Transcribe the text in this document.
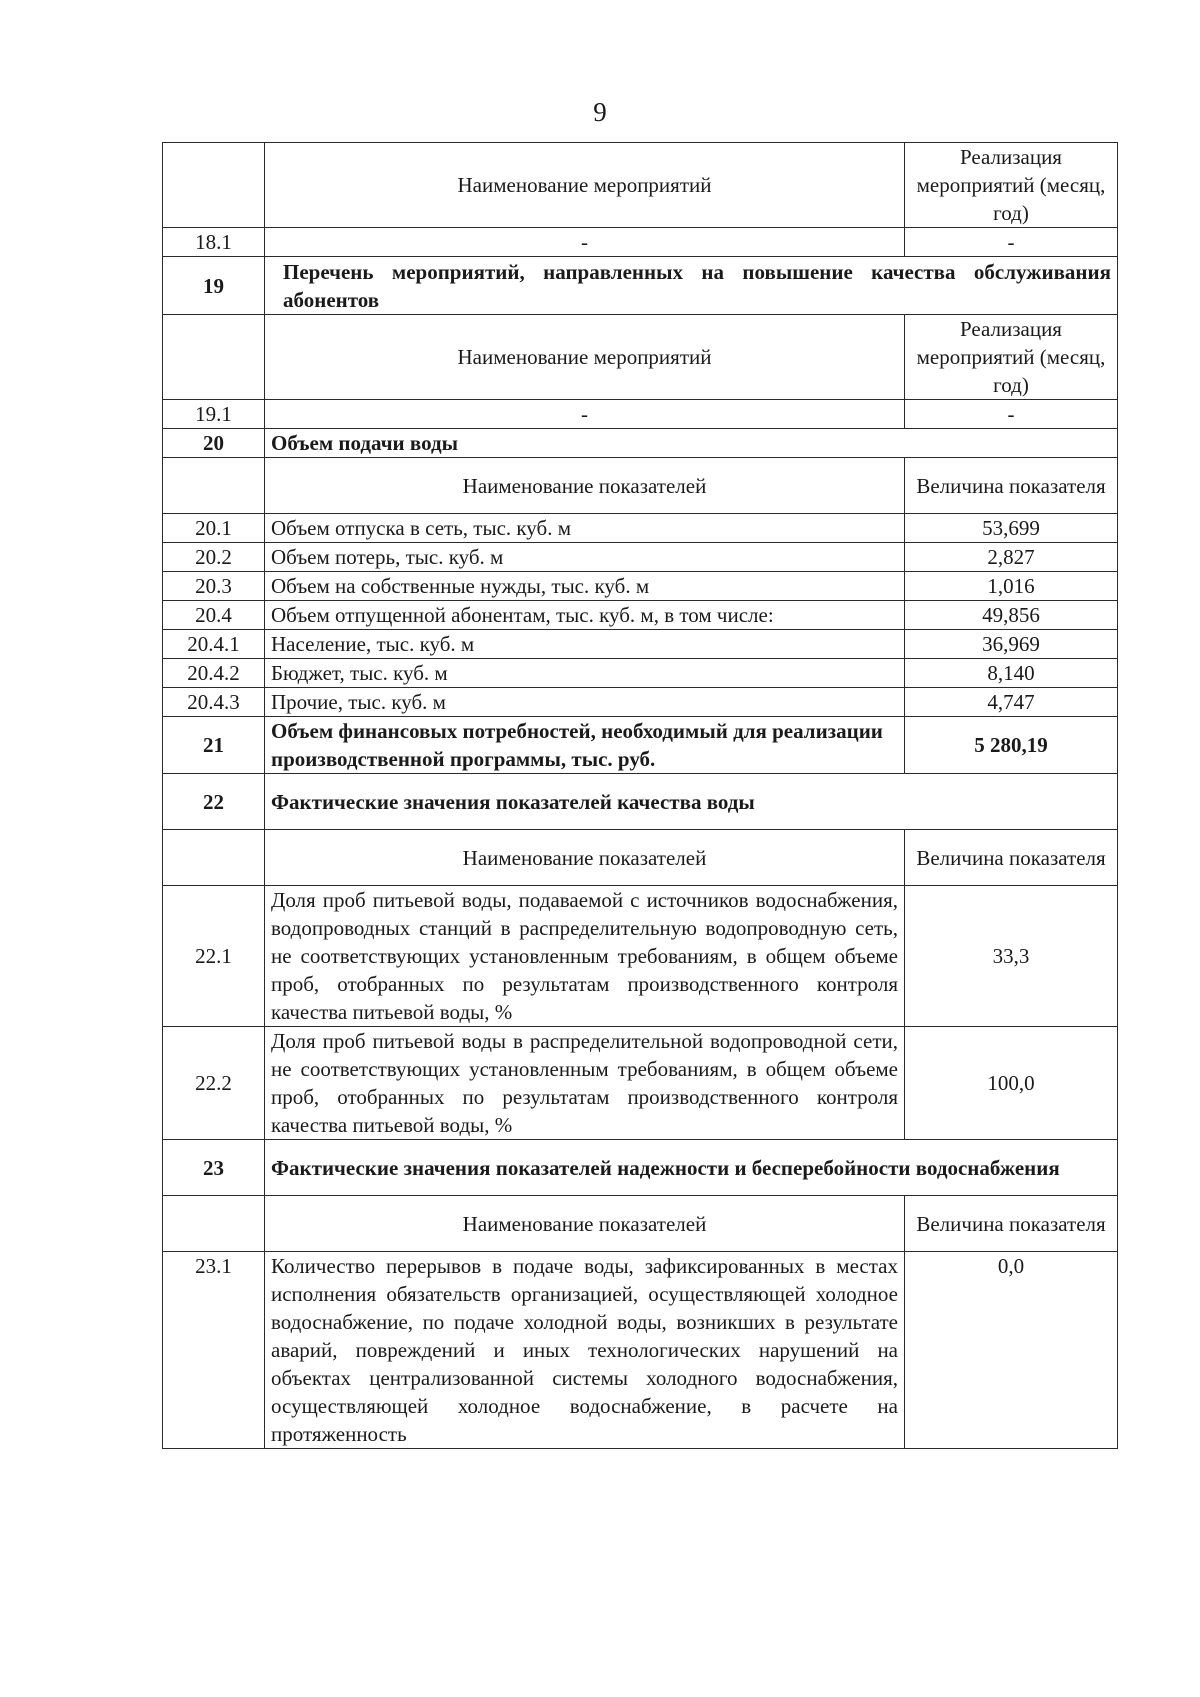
9
	Наименование мероприятий	Реализация мероприятий (месяц, год)
18.1	-	-
19	Перечень мероприятий, направленных на повышение качества обслуживания абонентов	
	Наименование мероприятий	Реализация мероприятий (месяц, год)
19.1	-	-
20	Объем подачи воды	
	Наименование показателей	Величина показателя
20.1	Объем отпуска в сеть, тыс. куб. м	53,699
20.2	Объем потерь, тыс. куб. м	2,827
20.3	Объем на собственные нужды, тыс. куб. м	1,016
20.4	Объем отпущенной абонентам, тыс. куб. м, в том числе:	49,856
20.4.1	Население, тыс. куб. м	36,969
20.4.2	Бюджет, тыс. куб. м	8,140
20.4.3	Прочие, тыс. куб. м	4,747
21	Объем финансовых потребностей, необходимый для реализации производственной программы, тыс. руб.	5 280,19
22	Фактические значения показателей качества воды	
	Наименование показателей	Величина показателя
22.1	Доля проб питьевой воды, подаваемой с источников водоснабжения, водопроводных станций в распределительную водопроводную сеть, не соответствующих установленным требованиям, в общем объеме проб, отобранных по результатам производственного контроля качества питьевой воды, %	33,3
22.2	Доля проб питьевой воды в распределительной водопроводной сети, не соответствующих установленным требованиям, в общем объеме проб, отобранных по результатам производственного контроля качества питьевой воды, %	100,0
23	Фактические значения показателей надежности и бесперебойности водоснабжения	
	Наименование показателей	Величина показателя
23.1	Количество перерывов в подаче воды, зафиксированных в местах исполнения обязательств организацией, осуществляющей холодное водоснабжение, по подаче холодной воды, возникших в результате аварий, повреждений и иных технологических нарушений на объектах централизованной системы холодного водоснабжения, осуществляющей холодное водоснабжение, в расчете на протяженность	0,0
